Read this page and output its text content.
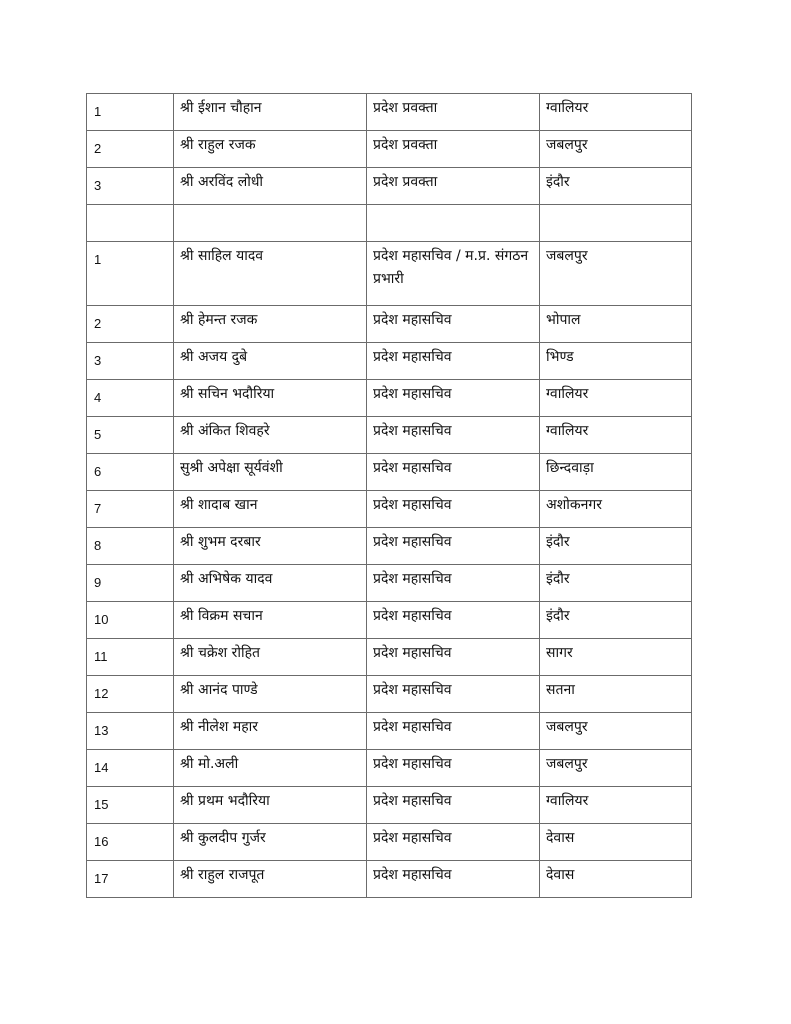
1	श्री ईशान चौहान	प्रदेश प्रवक्ता	ग्वालियर

2	श्री राहुल रजक	प्रदेश प्रवक्ता	जबलपुर

3	श्री अरविंद लोधी	प्रदेश प्रवक्ता	इंदौर

1	श्री साहिल यादव	प्रदेश महासचिव / म.प्र. संगठन प्रभारी	जबलपुर

2	श्री हेमन्त रजक	प्रदेश महासचिव	भोपाल

3	श्री अजय दुबे	प्रदेश महासचिव	भिण्ड

4	श्री सचिन भदौरिया	प्रदेश महासचिव	ग्वालियर

5	श्री अंकित शिवहरे	प्रदेश महासचिव	ग्वालियर

6	सुश्री अपेक्षा सूर्यवंशी	प्रदेश महासचिव	छिन्दवाड़ा

7	श्री शादाब खान	प्रदेश महासचिव	अशोकनगर

8	श्री शुभम दरबार	प्रदेश महासचिव	इंदौर

9	श्री अभिषेक यादव	प्रदेश महासचिव	इंदौर

10	श्री विक्रम सचान	प्रदेश महासचिव	इंदौर

11	श्री चक्रेश रोहित	प्रदेश महासचिव	सागर

12	श्री आनंद पाण्डे	प्रदेश महासचिव	सतना

13	श्री नीलेश महार	प्रदेश महासचिव	जबलपुर

14	श्री मो.अली	प्रदेश महासचिव	जबलपुर

15	श्री प्रथम भदौरिया	प्रदेश महासचिव	ग्वालियर

16	श्री कुलदीप गुर्जर	प्रदेश महासचिव	देवास

17	श्री राहुल राजपूत	प्रदेश महासचिव	देवास
